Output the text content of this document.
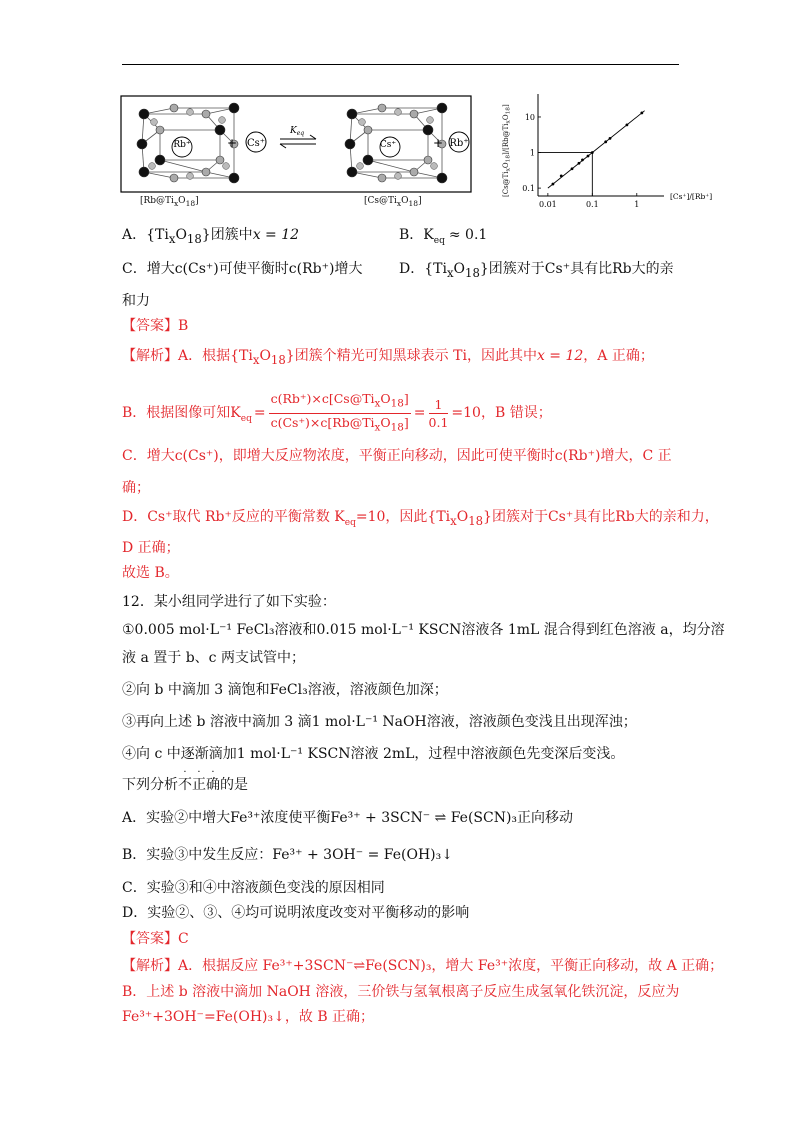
Cs⁺
+	+ Rb⁺
Rb⁺	Cs⁺
$K_{eq}$
$[Rb@Ti_xO_{18}]$	$[Cs@Ti_xO_{18}]$	0.01	0.1	1
0.1
1
10
[Cs⁺]/[Rb⁺]
$[Cs@Ti_xO_{18}]/[Rb@Ti_xO_{18}]$
A．$\{Ti_xO_{18}\}$团簇中x = 12	B．$K_{eq} \approx 0.1$
C．增大c(Cs⁺)可使平衡时c(Rb⁺)增大	D．$\{Ti_xO_{18}\}$团簇对于Cs⁺具有比Rb大的亲
和力
【答案】B
【解析】A．根据$\{Ti_xO_{18}\}$团簇个精光可知黑球表示 Ti，因此其中x = 12，A 正确；
B．根据图像可知$K_{eq} = \frac{c(Rb^+)\times c[Cs@Ti_xO_{18}]}{c(Cs^+)\times c[Rb@Ti_xO_{18}]} = \frac{1}{0.1} =10$，B 错误；
C．增大c(Cs⁺)，即增大反应物浓度，平衡正向移动，因此可使平衡时c(Rb⁺)增大，C 正
确；
D．Cs⁺取代 Rb⁺反应的平衡常数 $K_{eq}=10$，因此$\{Ti_xO_{18}\}$团簇对于Cs⁺具有比Rb大的亲和力，
D 正确；
故选 B。
12．某小组同学进行了如下实验：
①0.005 mol·L⁻¹ FeCl₃溶液和0.015 mol·L⁻¹ KSCN溶液各 1mL 混合得到红色溶液 a，均分溶
液 a 置于 b、c 两支试管中；
②向 b 中滴加 3 滴饱和FeCl₃溶液，溶液颜色加深；
③再向上述 b 溶液中滴加 3 滴1 mol·L⁻¹ NaOH溶液，溶液颜色变浅且出现浑浊；
④向 c 中逐渐滴加1 mol·L⁻¹ KSCN溶液 2mL，过程中溶液颜色先变深后变浅。
下列分析
·
不
·
正
·
确的是
A．实验②中增大Fe³⁺浓度使平衡Fe³⁺ + 3SCN⁻ ⇌ Fe(SCN)₃正向移动
B．实验③中发生反应：Fe³⁺ + 3OH⁻ = Fe(OH)₃↓
C．实验③和④中溶液颜色变浅的原因相同
D．实验②、③、④均可说明浓度改变对平衡移动的影响
【答案】C
【解析】A．根据反应 Fe³⁺+3SCN⁻⇌Fe(SCN)₃，增大 Fe³⁺浓度，平衡正向移动，故 A 正确；
B．上述 b 溶液中滴加 NaOH 溶液，三价铁与氢氧根离子反应生成氢氧化铁沉淀，反应为
Fe³⁺+3OH⁻=Fe(OH)₃↓，故 B 正确；
